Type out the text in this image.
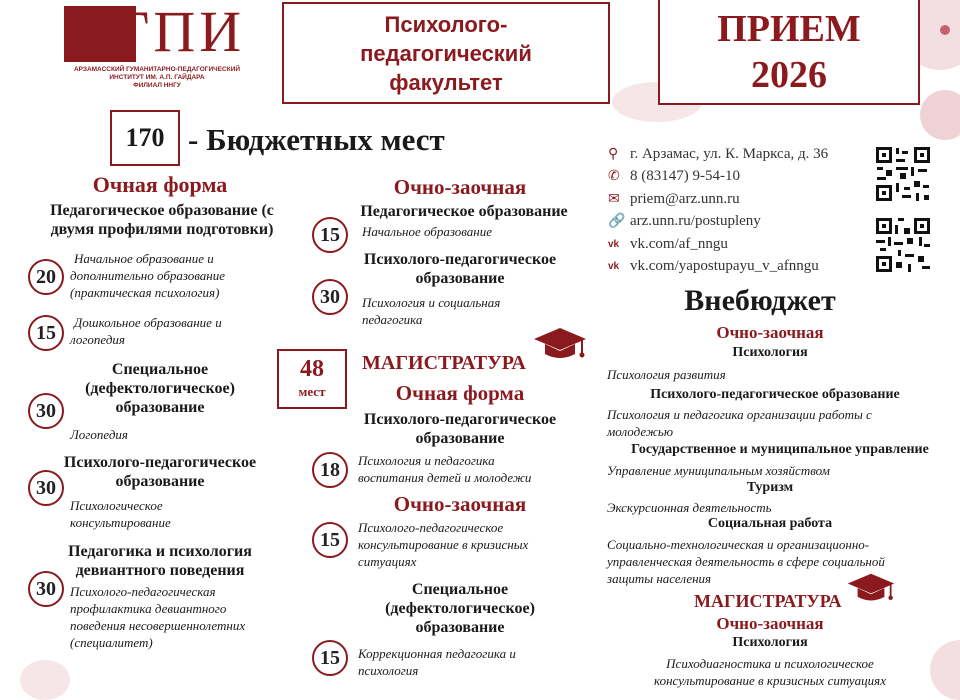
АГПИ
АРЗАМАССКИЙ ГУМАНИТАРНО-ПЕДАГОГИЧЕСКИЙ
ИНСТИТУТ ИМ. А.П. ГАЙДАРА
ФИЛИАЛ ННГУ
Психолого-
педагогический
факультет
ПРИЕМ
2026
170 - Бюджетных мест
Очная форма
Педагогическое образование (с
двумя профилями подготовки)
20
Начальное образование и
дополнительно образование
(практическая психология)
15	Дошкольное образование и
логопедия
Специальное
(дефектологическое)
образование
30
Логопедия
Психолого-педагогическое
образование
30
Психологическое
консультирование
Педагогика и психология
девиантного поведения
30 Психолого-педагогическая
профилактика девиантного
поведения несовершеннолетних
(специалитет)
Очно-заочная
Педагогическое образование
15 Начальное образование
Психолого-педагогическое
образование
30 Психология и социальная
педагогика
48
мест
МАГИСТРАТУРА
Очная форма
Психолого-педагогическое
образование
18 Психология и педагогика
воспитания детей и молодежи
Очно-заочная
15
Психолого-педагогическое
консультирование в кризисных
ситуациях
Специальное
(дефектологическое)
образование
15 Коррекционная педагогика и
психология
⚲ г. Арзамас, ул. К. Маркса, д. 36
✆ 8 (83147) 9-54-10
✉ priem@arz.unn.ru
🔗 arz.unn.ru/postupleny
vk vk.com/af_nngu
vk vk.com/yapostupayu_v_afnngu
Внебюджет
Очно-заочная
Психология
Психология развития
Психолого-педагогическое образование
Психология и педагогика организации работы с
молодежью
Государственное и муниципальное управление
Управление муниципальным хозяйством
Туризм
Экскурсионная деятельность
Социальная работа
Социально-технологическая и организационно-
управленческая деятельность в сфере социальной
защиты населения
МАГИСТРАТУРА
Очно-заочная
Психология
Психодиагностика и психологическое
консультирование в кризисных ситуациях
